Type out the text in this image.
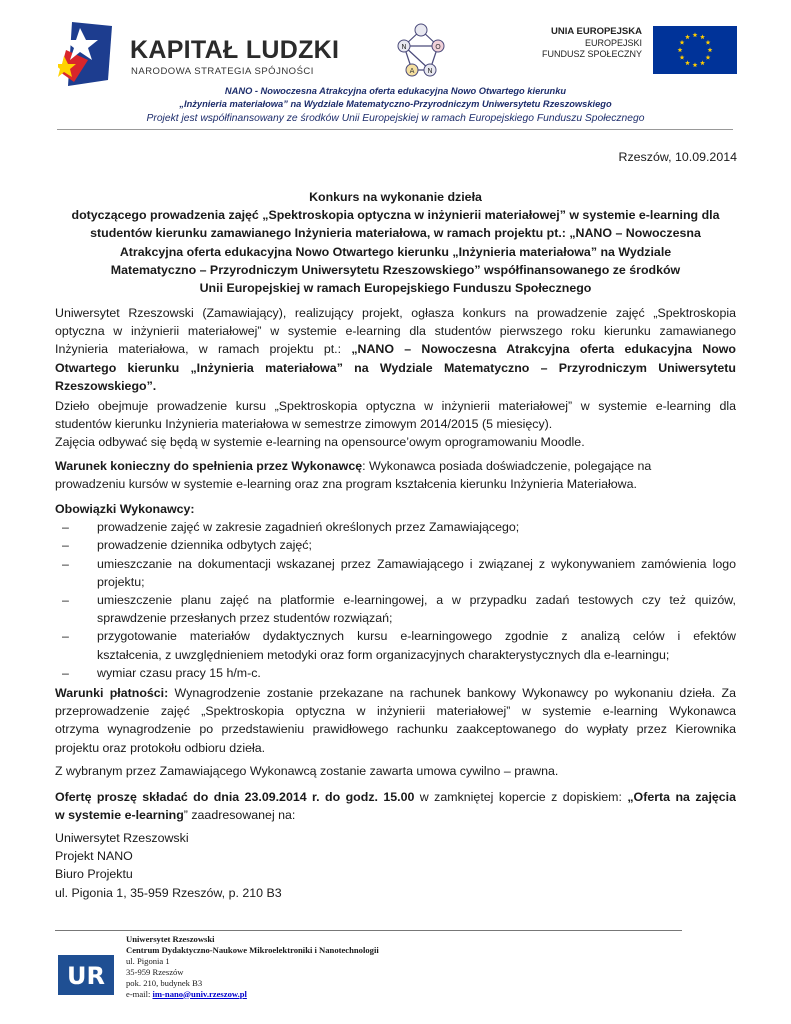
KAPITAŁ LUDZKI
NARODOWA STRATEGIA SPÓJNOŚCI
N
A N
O
UNIA EUROPEJSKA
EUROPEJSKI
FUNDUSZ SPOŁECZNY
NANO - Nowoczesna Atrakcyjna oferta edukacyjna Nowo Otwartego kierunku
„Inżynieria materiałowa” na Wydziale Matematyczno-Przyrodniczym Uniwersytetu Rzeszowskiego
Projekt jest współfinansowany ze środków Unii Europejskiej w ramach Europejskiego Funduszu Społecznego
Rzeszów, 10.09.2014
Konkurs na wykonanie dzieła
dotyczącego prowadzenia zajęć „Spektroskopia optyczna w inżynierii materiałowej” w systemie e-learning dla
studentów kierunku zamawianego Inżynieria materiałowa, w ramach projektu pt.: „NANO – Nowoczesna
Atrakcyjna oferta edukacyjna Nowo Otwartego kierunku „Inżynieria materiałowa” na Wydziale
Matematyczno – Przyrodniczym Uniwersytetu Rzeszowskiego” współfinansowanego ze środków
Unii Europejskiej w ramach Europejskiego Funduszu Społecznego
Uniwersytet Rzeszowski (Zamawiający), realizujący projekt, ogłasza konkurs na prowadzenie zajęć „Spektroskopia
optyczna w inżynierii materiałowej” w systemie e-learning dla studentów pierwszego roku kierunku zamawianego
Inżynieria materiałowa, w ramach projektu pt.: „NANO – Nowoczesna Atrakcyjna oferta edukacyjna Nowo
Otwartego kierunku „Inżynieria materiałowa” na Wydziale Matematyczno – Przyrodniczym Uniwersytetu
Rzeszowskiego”.
Dzieło obejmuje prowadzenie kursu „Spektroskopia optyczna w inżynierii materiałowej” w systemie e-learning dla
studentów kierunku Inżynieria materiałowa w semestrze zimowym 2014/2015 (5 miesięcy).
Zajęcia odbywać się będą w systemie e-learning na opensource’owym oprogramowaniu Moodle.
Warunek konieczny do spełnienia przez Wykonawcę: Wykonawca posiada doświadczenie, polegające na
prowadzeniu kursów w systemie e-learning oraz zna program kształcenia kierunku Inżynieria Materiałowa.
Obowiązki Wykonawcy:
– prowadzenie zajęć w zakresie zagadnień określonych przez Zamawiającego;
– prowadzenie dziennika odbytych zajęć;
– umieszczanie na dokumentacji wskazanej przez Zamawiającego i związanej z wykonywaniem zamówienia logo
projektu;
– umieszczenie planu zajęć na platformie e-learningowej, a w przypadku zadań testowych czy też quizów,
sprawdzenie przesłanych przez studentów rozwiązań;
– przygotowanie materiałów dydaktycznych kursu e-learningowego zgodnie z analizą celów i efektów
kształcenia, z uwzględnieniem metodyki oraz form organizacyjnych charakterystycznych dla e-learningu;
– wymiar czasu pracy 15 h/m-c.
Warunki płatności: Wynagrodzenie zostanie przekazane na rachunek bankowy Wykonawcy po wykonaniu dzieła. Za
przeprowadzenie zajęć „Spektroskopia optyczna w inżynierii materiałowej” w systemie e-learning Wykonawca
otrzyma wynagrodzenie po przedstawieniu prawidłowego rachunku zaakceptowanego do wypłaty przez Kierownika
projektu oraz protokołu odbioru dzieła.
Z wybranym przez Zamawiającego Wykonawcą zostanie zawarta umowa cywilno – prawna.
Ofertę proszę składać do dnia 23.09.2014 r. do godz. 15.00 w zamkniętej kopercie z dopiskiem: „Oferta na zajęcia
w systemie e-learning” zaadresowanej na:
Uniwersytet Rzeszowski
Projekt NANO
Biuro Projektu
ul. Pigonia 1, 35-959 Rzeszów, p. 210 B3
UR
Uniwersytet Rzeszowski
Centrum Dydaktyczno-Naukowe Mikroelektroniki i Nanotechnologii
ul. Pigonia 1
35-959 Rzeszów
pok. 210, budynek B3
e-mail: im-nano@univ.rzeszow.pl
